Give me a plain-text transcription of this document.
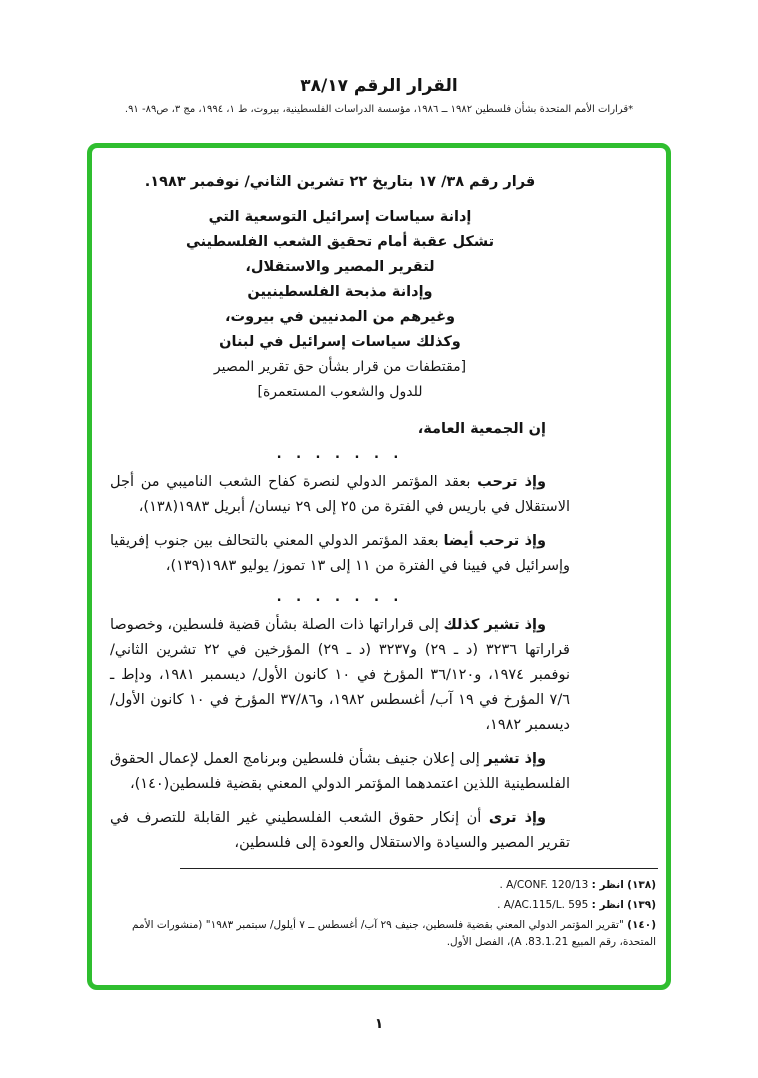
القرار الرقم ٣٨/١٧
*قرارات الأمم المتحدة بشأن فلسطين ١٩٨٢ ــ ١٩٨٦، مؤسسة الدراسات الفلسطينية، بيروت، ط ١، ١٩٩٤، مج ٣، ص٨٩- ٩١.
قرار رقم ٣٨/ ١٧ بتاريخ ٢٢ تشرين الثاني/ نوفمبر ١٩٨٣.
إدانة سياسات إسرائيل التوسعية التي
تشكل عقبة أمام تحقيق الشعب الفلسطيني
لتقرير المصير والاستقلال،
وإدانة مذبحة الفلسطينيين
وغيرهم من المدنيين في بيروت،
وكذلك سياسات إسرائيل في لبنان
[مقتطفات من قرار بشأن حق تقرير المصير
للدول والشعوب المستعمرة]

إن الجمعية العامة،

. . . . . . .

وإذ ترحب بعقد المؤتمر الدولي لنصرة كفاح الشعب الناميبي من أجل الاستقلال في باريس في الفترة من ٢٥ إلى ٢٩ نيسان/ أبريل ١٩٨٣(١٣٨)،

وإذ ترحب أيضا بعقد المؤتمر الدولي المعني بالتحالف بين جنوب إفريقيا وإسرائيل في فيينا في الفترة من ١١ إلى ١٣ تموز/ يوليو ١٩٨٣(١٣٩)،

. . . . . . .

وإذ تشير كذلك إلى قراراتها ذات الصلة بشأن قضية فلسطين، وخصوصا قراراتها ٣٢٣٦ (د ـ ٢٩) و٣٢٣٧ (د ـ ٢٩) المؤرخين في ٢٢ تشرين الثاني/ نوفمبر ١٩٧٤، و٣٦/١٢٠ المؤرخ في ١٠ كانون الأول/ ديسمبر ١٩٨١، ودإط ـ ٧/٦ المؤرخ في ١٩ آب/ أغسطس ١٩٨٢، و٣٧/٨٦ المؤرخ في ١٠ كانون الأول/ ديسمبر ١٩٨٢،

وإذ تشير إلى إعلان جنيف بشأن فلسطين وبرنامج العمل لإعمال الحقوق الفلسطينية اللذين اعتمدهما المؤتمر الدولي المعني بقضية فلسطين(١٤٠)،

وإذ ترى أن إنكار حقوق الشعب الفلسطيني غير القابلة للتصرف في تقرير المصير والسيادة والاستقلال والعودة إلى فلسطين،

(١٣٨) انظر : A/CONF. 120/13 .
(١٣٩) انظر : A/AC.115/L. 595 .
(١٤٠) "تقرير المؤتمر الدولي المعني بقضية فلسطين، جنيف ٢٩ آب/ أغسطس ــ ٧ أيلول/ سبتمبر ١٩٨٣" (منشورات الأمم المتحدة، رقم المبيع A .83.1.21)، الفصل الأول.
١
